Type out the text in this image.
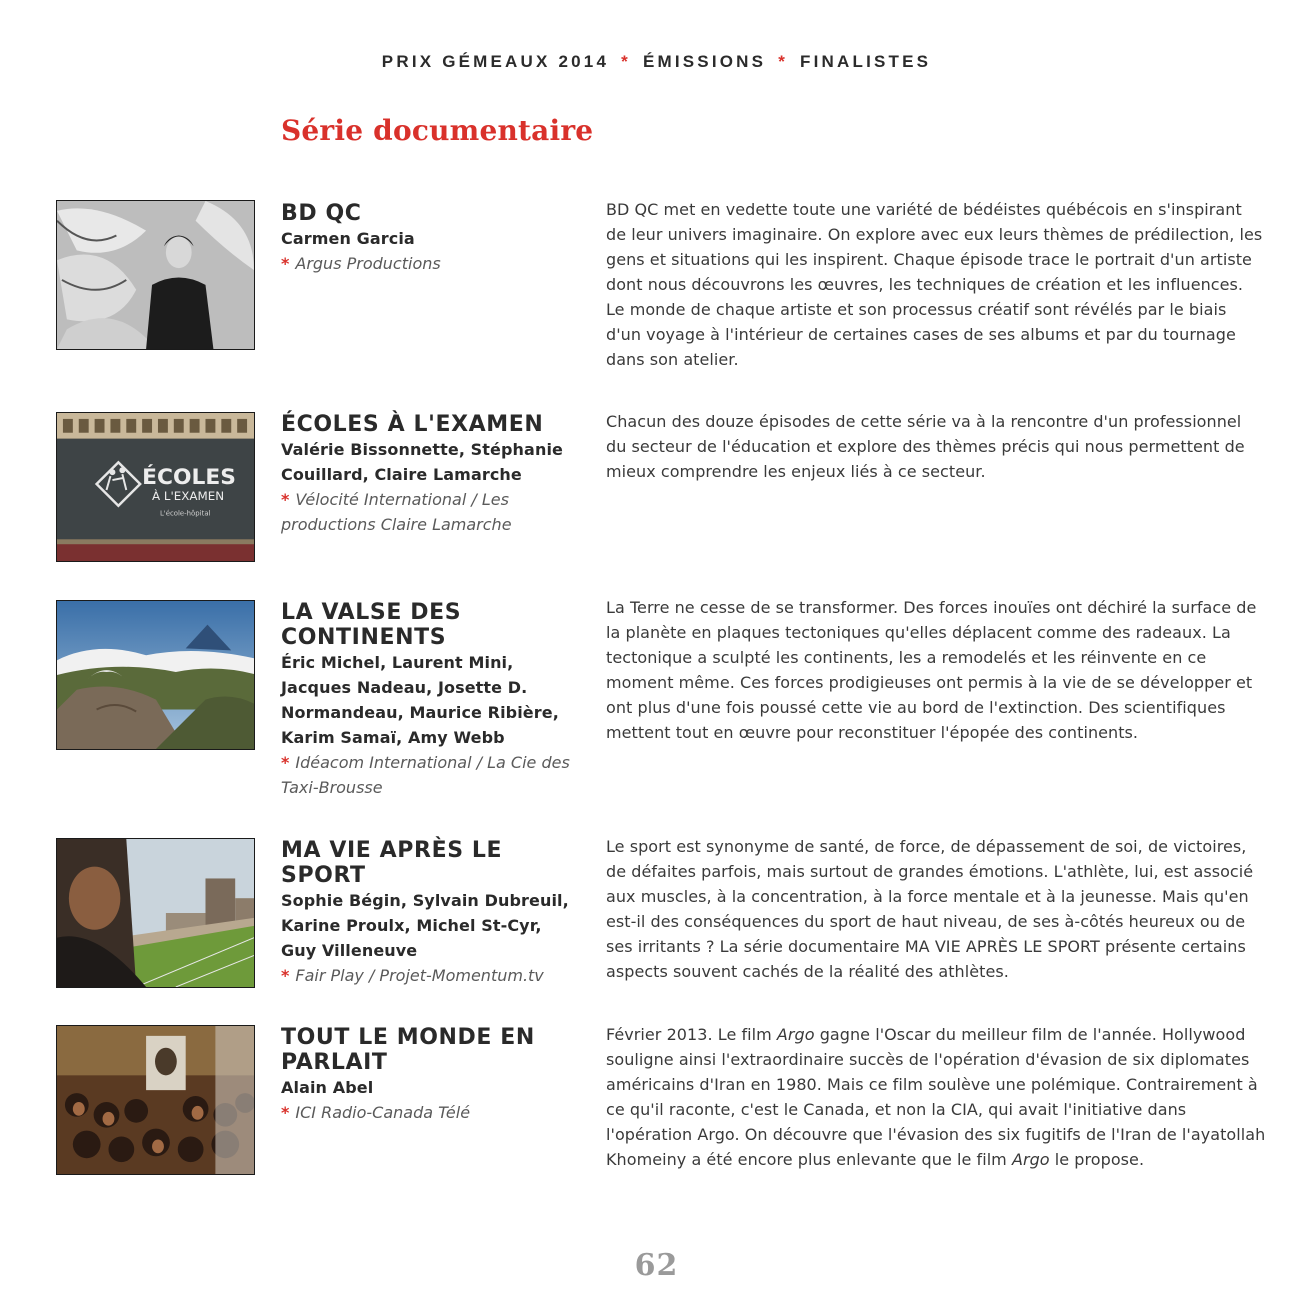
PRIX GÉMEAUX 2014 * ÉMISSIONS * FINALISTES
Série documentaire
BD QC
Carmen Garcia
* Argus Productions

BD QC met en vedette toute une variété de bédéistes québécois en s'inspirant de leur univers imaginaire. On explore avec eux leurs thèmes de prédilection, les gens et situations qui les inspirent. Chaque épisode trace le portrait d'un artiste dont nous découvrons les œuvres, les techniques de création et les influences. Le monde de chaque artiste et son processus créatif sont révélés par le biais d'un voyage à l'intérieur de certaines cases de ses albums et par du tournage dans son atelier.

ÉCOLES
À L'EXAMEN
L'école-hôpital
ÉCOLES À L'EXAMEN
Valérie Bissonnette, Stéphanie Couillard, Claire Lamarche
* Vélocité International / Les productions Claire Lamarche

Chacun des douze épisodes de cette série va à la rencontre d'un professionnel du secteur de l'éducation et explore des thèmes précis qui nous permettent de mieux comprendre les enjeux liés à ce secteur.

LA VALSE DES CONTINENTS
Éric Michel, Laurent Mini, Jacques Nadeau, Josette D. Normandeau, Maurice Ribière, Karim Samaï, Amy Webb
* Idéacom International / La Cie des Taxi-Brousse

La Terre ne cesse de se transformer. Des forces inouïes ont déchiré la surface de la planète en plaques tectoniques qu'elles déplacent comme des radeaux. La tectonique a sculpté les continents, les a remodelés et les réinvente en ce moment même. Ces forces prodigieuses ont permis à la vie de se développer et ont plus d'une fois poussé cette vie au bord de l'extinction. Des scientifiques mettent tout en œuvre pour reconstituer l'épopée des continents.

MA VIE APRÈS LE SPORT
Sophie Bégin, Sylvain Dubreuil, Karine Proulx, Michel St-Cyr, Guy Villeneuve
* Fair Play / Projet-Momentum.tv

Le sport est synonyme de santé, de force, de dépassement de soi, de victoires, de défaites parfois, mais surtout de grandes émotions. L'athlète, lui, est associé aux muscles, à la concentration, à la force mentale et à la jeunesse. Mais qu'en est-il des conséquences du sport de haut niveau, de ses à-côtés heureux ou de ses irritants ? La série documentaire MA VIE APRÈS LE SPORT présente certains aspects souvent cachés de la réalité des athlètes.

TOUT LE MONDE EN PARLAIT
Alain Abel
* ICI Radio-Canada Télé

Février 2013. Le film Argo gagne l'Oscar du meilleur film de l'année. Hollywood souligne ainsi l'extraordinaire succès de l'opération d'évasion de six diplomates américains d'Iran en 1980. Mais ce film soulève une polémique. Contrairement à ce qu'il raconte, c'est le Canada, et non la CIA, qui avait l'initiative dans l'opération Argo. On découvre que l'évasion des six fugitifs de l'Iran de l'ayatollah Khomeiny a été encore plus enlevante que le film Argo le propose.

62
